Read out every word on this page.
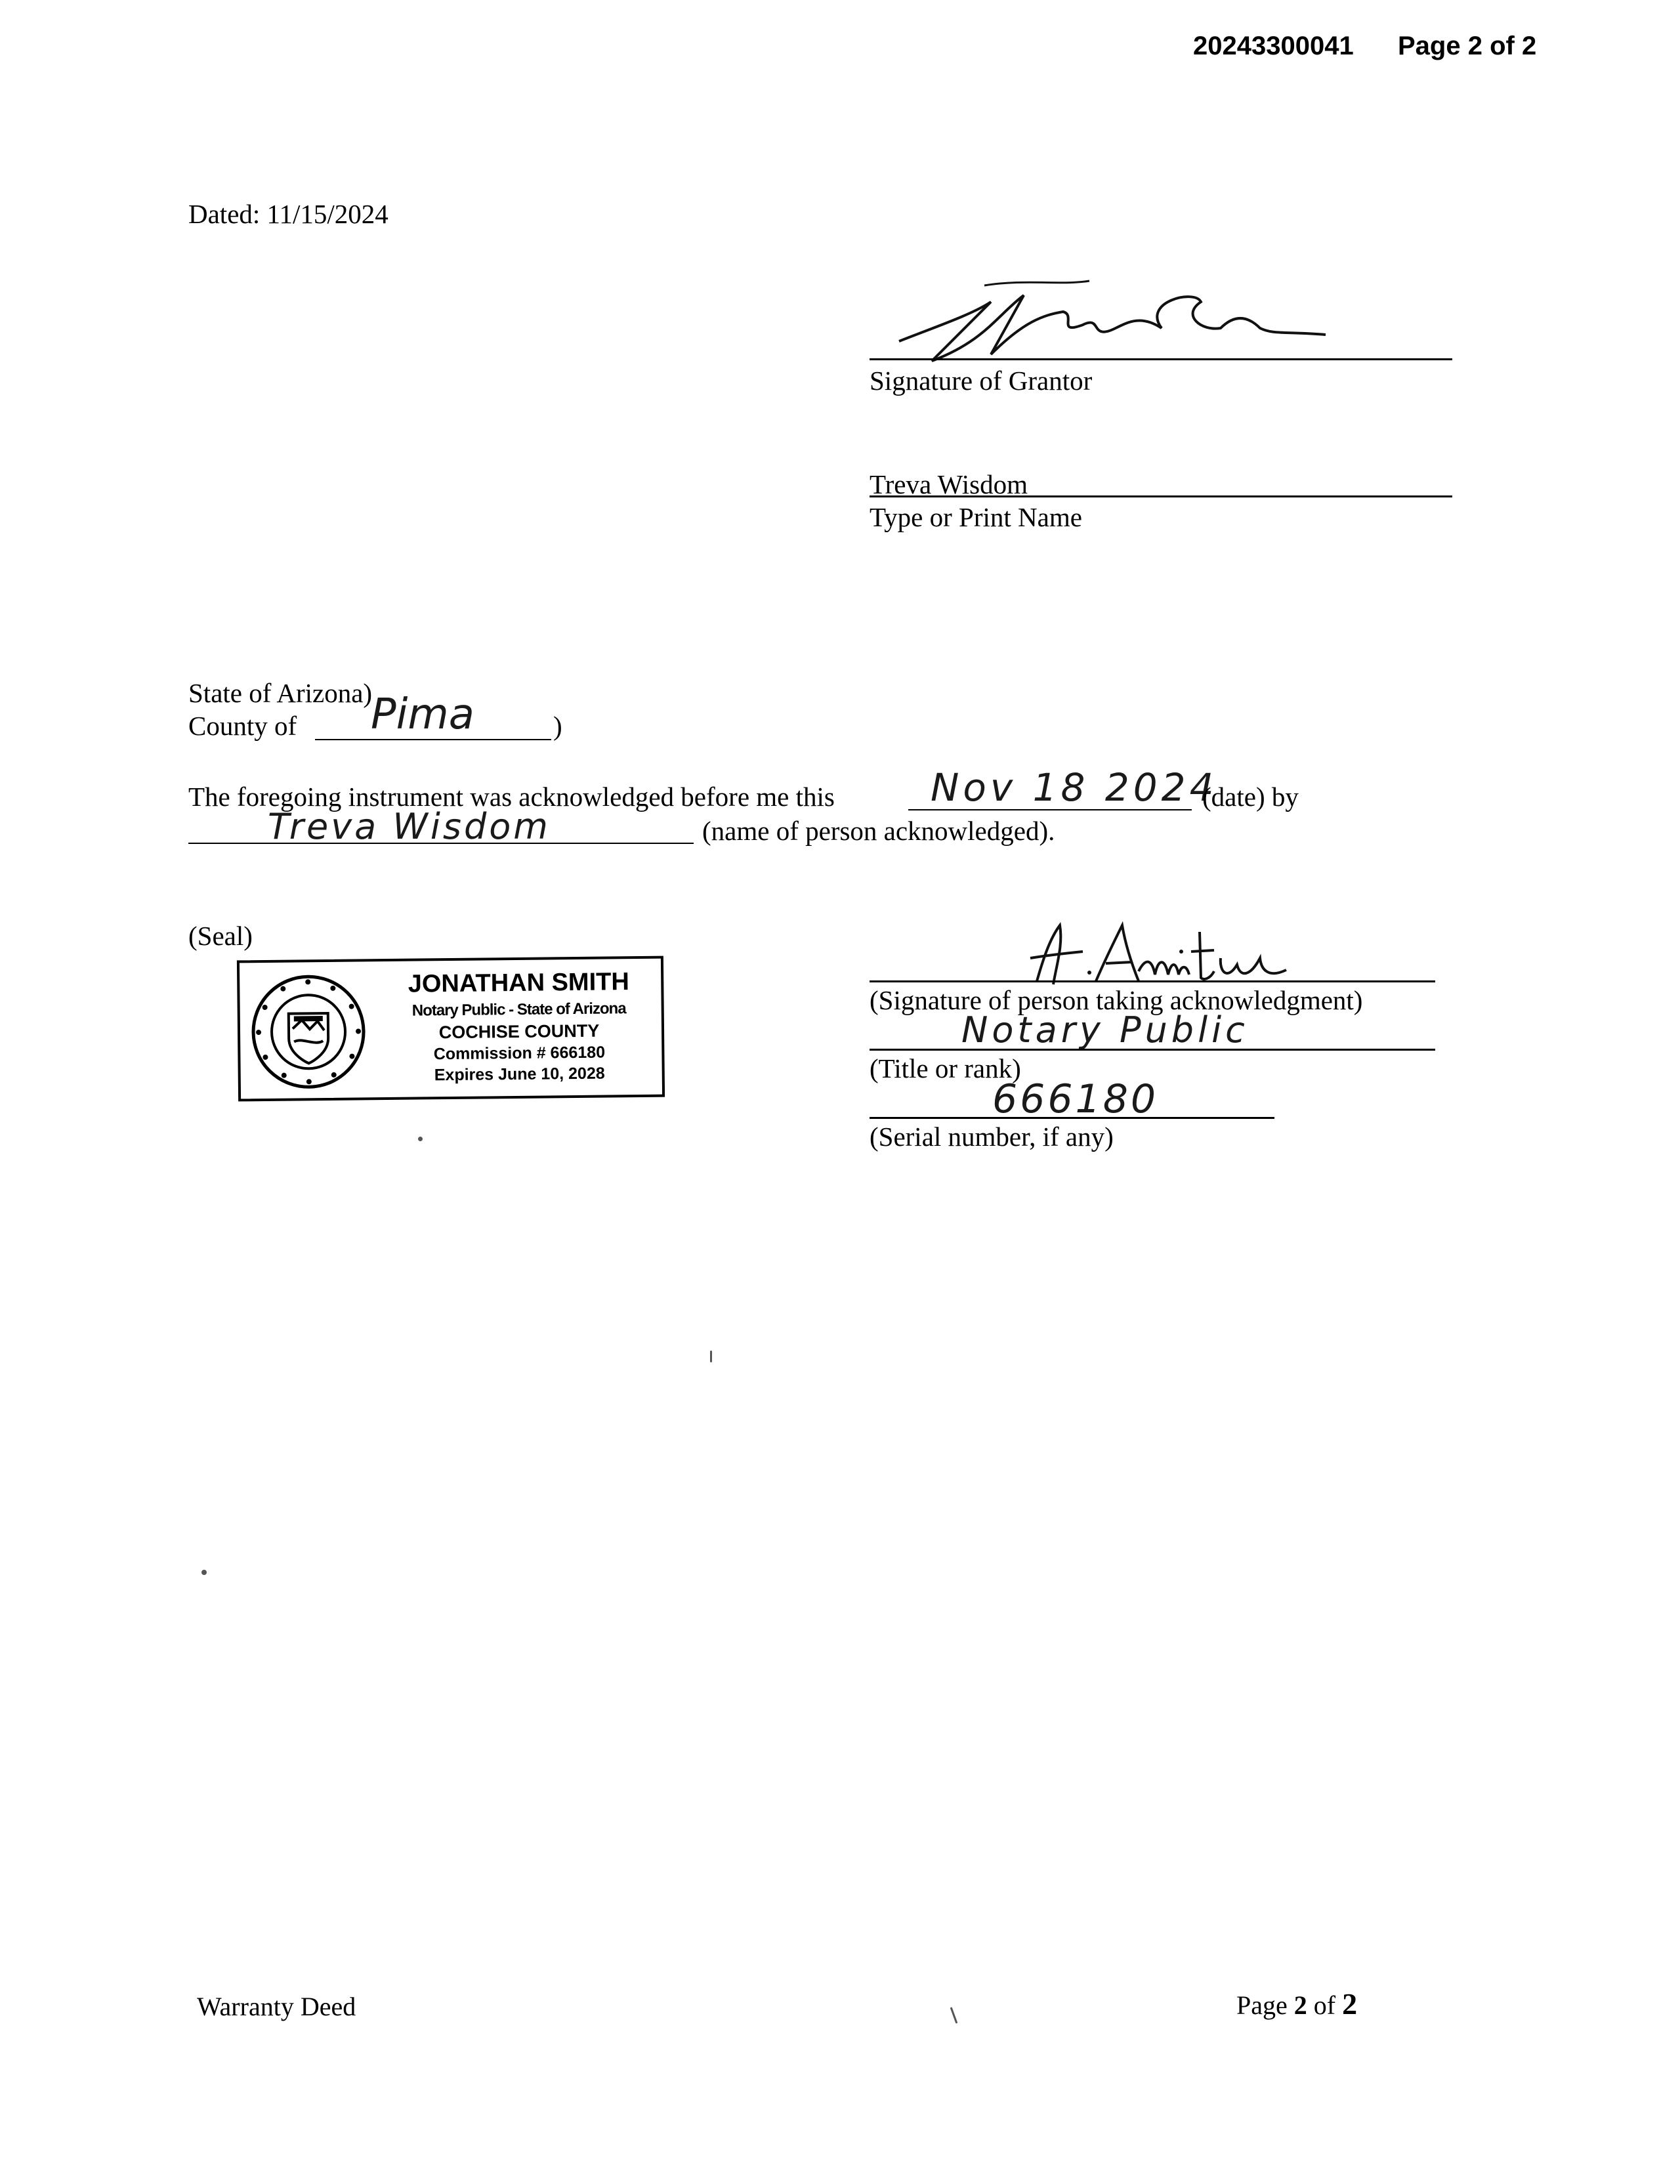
20243300041 Page 2 of 2
Dated: 11/15/2024
Signature of Grantor
Treva Wisdom
Type or Print Name
State of Arizona)
County of Pima	)
The foregoing instrument was acknowledged before me this	Nov 18 2024
(date) by
Treva Wisdom	(name of person acknowledged).
(Seal)
JONATHAN SMITH
Notary Public - State of Arizona
COCHISE COUNTY
Commission # 666180
Expires June 10, 2028
(Signature of person taking acknowledgment)
Notary Public
(Title or rank)
666180
(Serial number, if any)
Warranty Deed	Page 2 of 2
